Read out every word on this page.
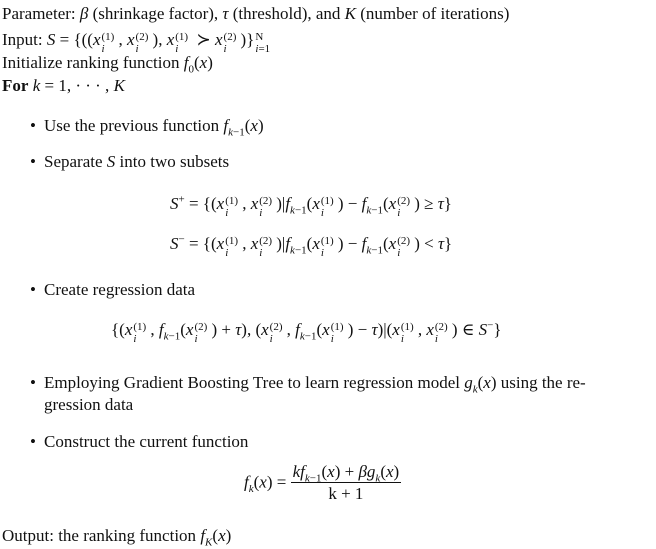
Parameter: β (shrinkage factor), τ (threshold), and K (number of iterations)
Input: S = {((x (1)
i , x (2)
i ), x (1)
i ≻ x (2)
i )} N
i=1
Initialize ranking function $f_0(x)$
For k = 1, · · · , K
• Use the previous function $f_{k-1}(x)$
• Separate S into two subsets
S+ = {(x (1)
i , x (2)
i )$|f_{k-1}(x$ (1)
i ) − $f_{k-1}(x$ (2)
i ) ≥ τ}
S− = {(x (1)
i , x (2)
i )$|f_{k-1}(x$ (1)
i ) − $f_{k-1}(x$ (2)
i ) < τ}
• Create regression data
{(x (1)
i , $f_{k-1}(x$ (2)
i ) + τ), (x (2)
i , $f_{k-1}(x$ (1)
i ) − τ)|(x (1)
i , x (2)
i ) ∈ S−}
• Employing Gradient Boosting Tree to learn regression model $g_k(x)$ using the re-
gression data
• Construct the current function
$f_k(x) = \frac{kf_{k-1}(x) + \beta g_k(x)}{k + 1}$
Output: the ranking function $f_K(x)$
